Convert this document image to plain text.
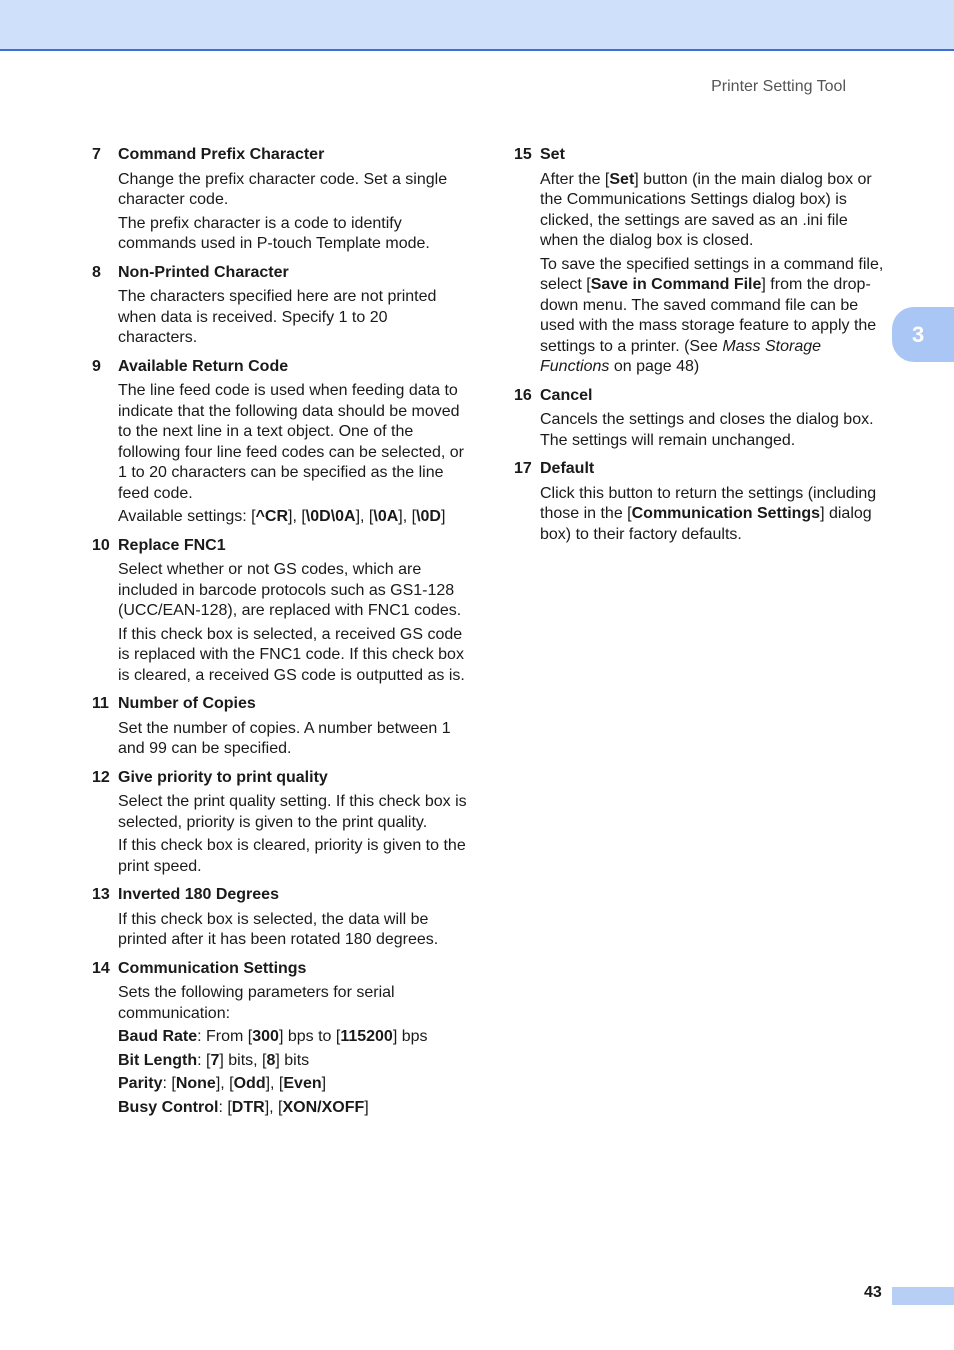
Printer Setting Tool
3
7	Command Prefix Character
Change the prefix character code. Set a single character code.
The prefix character is a code to identify commands used in P-touch Template mode.
8	Non-Printed Character
The characters specified here are not printed when data is received. Specify 1 to 20 characters.
9	Available Return Code
The line feed code is used when feeding data to indicate that the following data should be moved to the next line in a text object. One of the following four line feed codes can be selected, or 1 to 20 characters can be specified as the line feed code.
Available settings: [^CR], [\0D\0A], [\0A], [\0D]
10 Replace FNC1
Select whether or not GS codes, which are included in barcode protocols such as GS1-128 (UCC/EAN-128), are replaced with FNC1 codes.
If this check box is selected, a received GS code is replaced with the FNC1 code. If this check box is cleared, a received GS code is outputted as is.
11 Number of Copies
Set the number of copies. A number between 1 and 99 can be specified.
12 Give priority to print quality
Select the print quality setting. If this check box is selected, priority is given to the print quality.
If this check box is cleared, priority is given to the print speed.
13 Inverted 180 Degrees
If this check box is selected, the data will be printed after it has been rotated 180 degrees.
14 Communication Settings
Sets the following parameters for serial communication:
Baud Rate: From [300] bps to [115200] bps
Bit Length: [7] bits, [8] bits
Parity: [None], [Odd], [Even]
Busy Control: [DTR], [XON/XOFF]
15 Set
After the [Set] button (in the main dialog box or the Communications Settings dialog box) is clicked, the settings are saved as an .ini file when the dialog box is closed.
To save the specified settings in a command file, select [Save in Command File] from the drop-down menu. The saved command file can be used with the mass storage feature to apply the settings to a printer. (See Mass Storage Functions on page 48)
16 Cancel
Cancels the settings and closes the dialog box. The settings will remain unchanged.
17 Default
Click this button to return the settings (including those in the [Communication Settings] dialog box) to their factory defaults.
43
